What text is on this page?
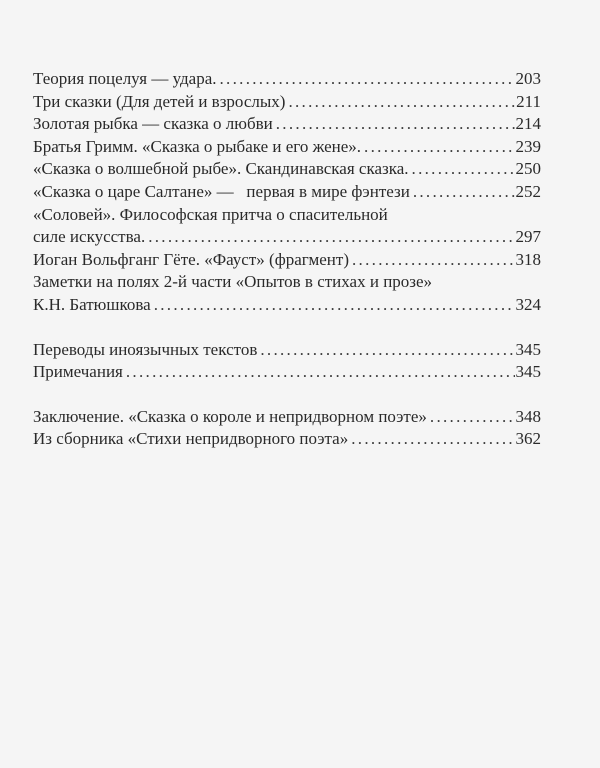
Теория поцелуя — удара. .....	203
Три сказки (Для детей и взрослых) .....	211
Золотая рыбка — сказка о любви .....	214
Братья Гримм. «Сказка о рыбаке и его жене». .....	239
«Сказка о волшебной рыбе». Скандинавская сказка. .....	250
«Сказка о царе Салтане» —   первая в мире фэнтези .....	252
«Соловей». Философская притча о спасительной
силе искусства. .....	297
Иоган Вольфганг Гёте. «Фауст» (фрагмент) .....	318
Заметки на полях 2-й части «Опытов в стихах и прозе»
К.Н. Батюшкова .....	324
Переводы иноязычных текстов .....	345
Примечания .....	345
Заключение. «Сказка о короле и непридворном поэте» .....	348
Из сборника «Стихи непридворного поэта» .....	362
